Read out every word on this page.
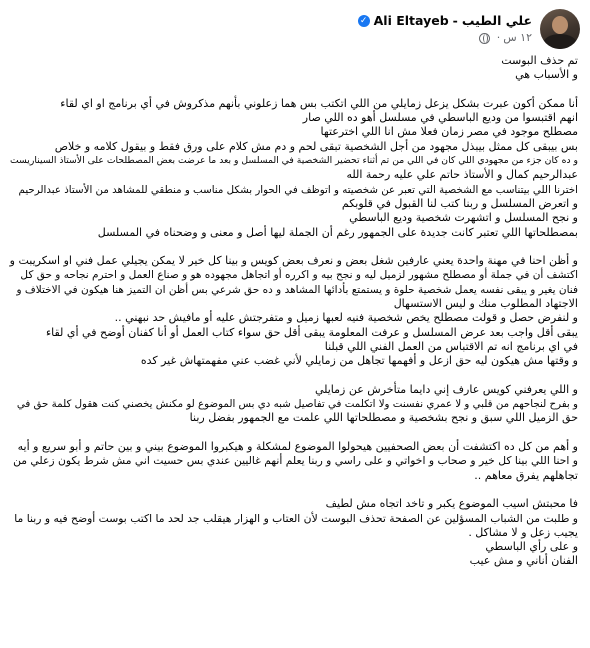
علي الطيب
-
Ali Eltayeb
✓
١٢ س
·
تم حذف البوست
و الأسباب هي
أنا ممكن أكون عبرت بشكل يزعل زمايلي من اللي اتكتب بس هما زعلوني بأنهم مذكروش في أي برنامج او اي لقاء
انهم اقتبسوا من وديع الباسطي في مسلسل أهو ده اللي صار
مصطلح موجود في مصر زمان فعلا مش انا اللي اخترعتها
بس بيبقى كل ممثل بيبذل مجهود من أجل الشخصية تبقى لحم و دم مش كلام على ورق فقط و بيقول كلامه و خلاص
و ده كان جزء من مجهودي اللي كان في اللي من تم أثناء تحضير الشخصية في المسلسل و بعد ما عرضت بعض المصطلحات على الأستاذ السيناريست
عبدالرحيم كمال و الأستاذ حاتم علي عليه رحمة الله
اخترنا اللي بيتناسب مع الشخصية التي تعبر عن شخصيته و اتوظف في الحوار بشكل مناسب و منطقي للمشاهد من الأستاذ عبدالرحيم
و اتعرض المسلسل و ربنا كتب لنا القبول في قلوبكم
و نجح المسلسل و اتشهرت شخصية وديع الباسطي
بمصطلحاتها اللي تعتبر كانت جديدة على الجمهور رغم أن الجملة ليها أصل و معنى و وضحناه في المسلسل
و أظن احنا في مهنة واحدة يعني عارفين شغل بعض و نعرف بعض كويس و بينا كل خير لا يمكن يجيلي عمل فني او اسكريبت و
اكتشف أن في جملة أو مصطلح مشهور لزميل ليه و نجح بيه و اكرره أو اتجاهل مجهوده هو و صناع العمل و احترم نجاحه و حق كل
فنان يغير و يبقى نفسه يعمل شخصية حلوة و يستمتع بأدائها المشاهد و ده حق شرعي بس أظن ان التميز هنا هيكون في الاختلاف و
الاجتهاد المطلوب منك و ليس الاستسهال
و لنفرض حصل و قولت مصطلح يخص شخصية فنيه لعبها زميل و متفرجتش عليه أو مافيش حد نبهني ..
يبقى أقل واجب بعد عرض المسلسل و عرفت المعلومة يبقى أقل حق سواء كتاب العمل أو أنا كفنان أوضح في أي لقاء
في اي برنامج انه تم الاقتباس من العمل الفني اللي قبلنا
و وقتها مش هيكون ليه حق ازعل و أفهمها تجاهل من زمايلي لأني غضب عني مفهمتهاش غير كده
و اللي يعرفني كويس عارف إني دايما متأخرش عن زمايلي
و بفرح لنجاحهم من قلبي و لا عمري نفسنت ولا اتكلمت في تفاصيل شبه دي بس الموضوع لو مكنش يخصني كنت هقول كلمة حق في
حق الزميل اللي سبق و نجح بشخصية و مصطلحاتها اللي علمت مع الجمهور بفضل ربنا
و أهم من كل ده اكتشفت أن بعض الصحفيين هيحولوا الموضوع لمشكلة و هيكبروا الموضوع بيني و بين حاتم و أبو سريع و أيه
و احنا اللي بينا كل خير و صحاب و اخواتي و على راسي و ربنا يعلم أنهم غاليين عندي بس حسيت اني مش شرط يكون زعلي من
تجاهلهم يفرق معاهم ..
فا محبتش اسيب الموضوع يكبر و تاخد اتجاه مش لطيف
و طلبت من الشباب المسؤلين عن الصفحة تحذف البوست لأن العتاب و الهزار هيقلب جد لحد ما اكتب بوست أوضح فيه و ربنا ما
يجيب زعل و لا مشاكل .
و على رأي الباسطي
الفنان أناني و مش عيب
